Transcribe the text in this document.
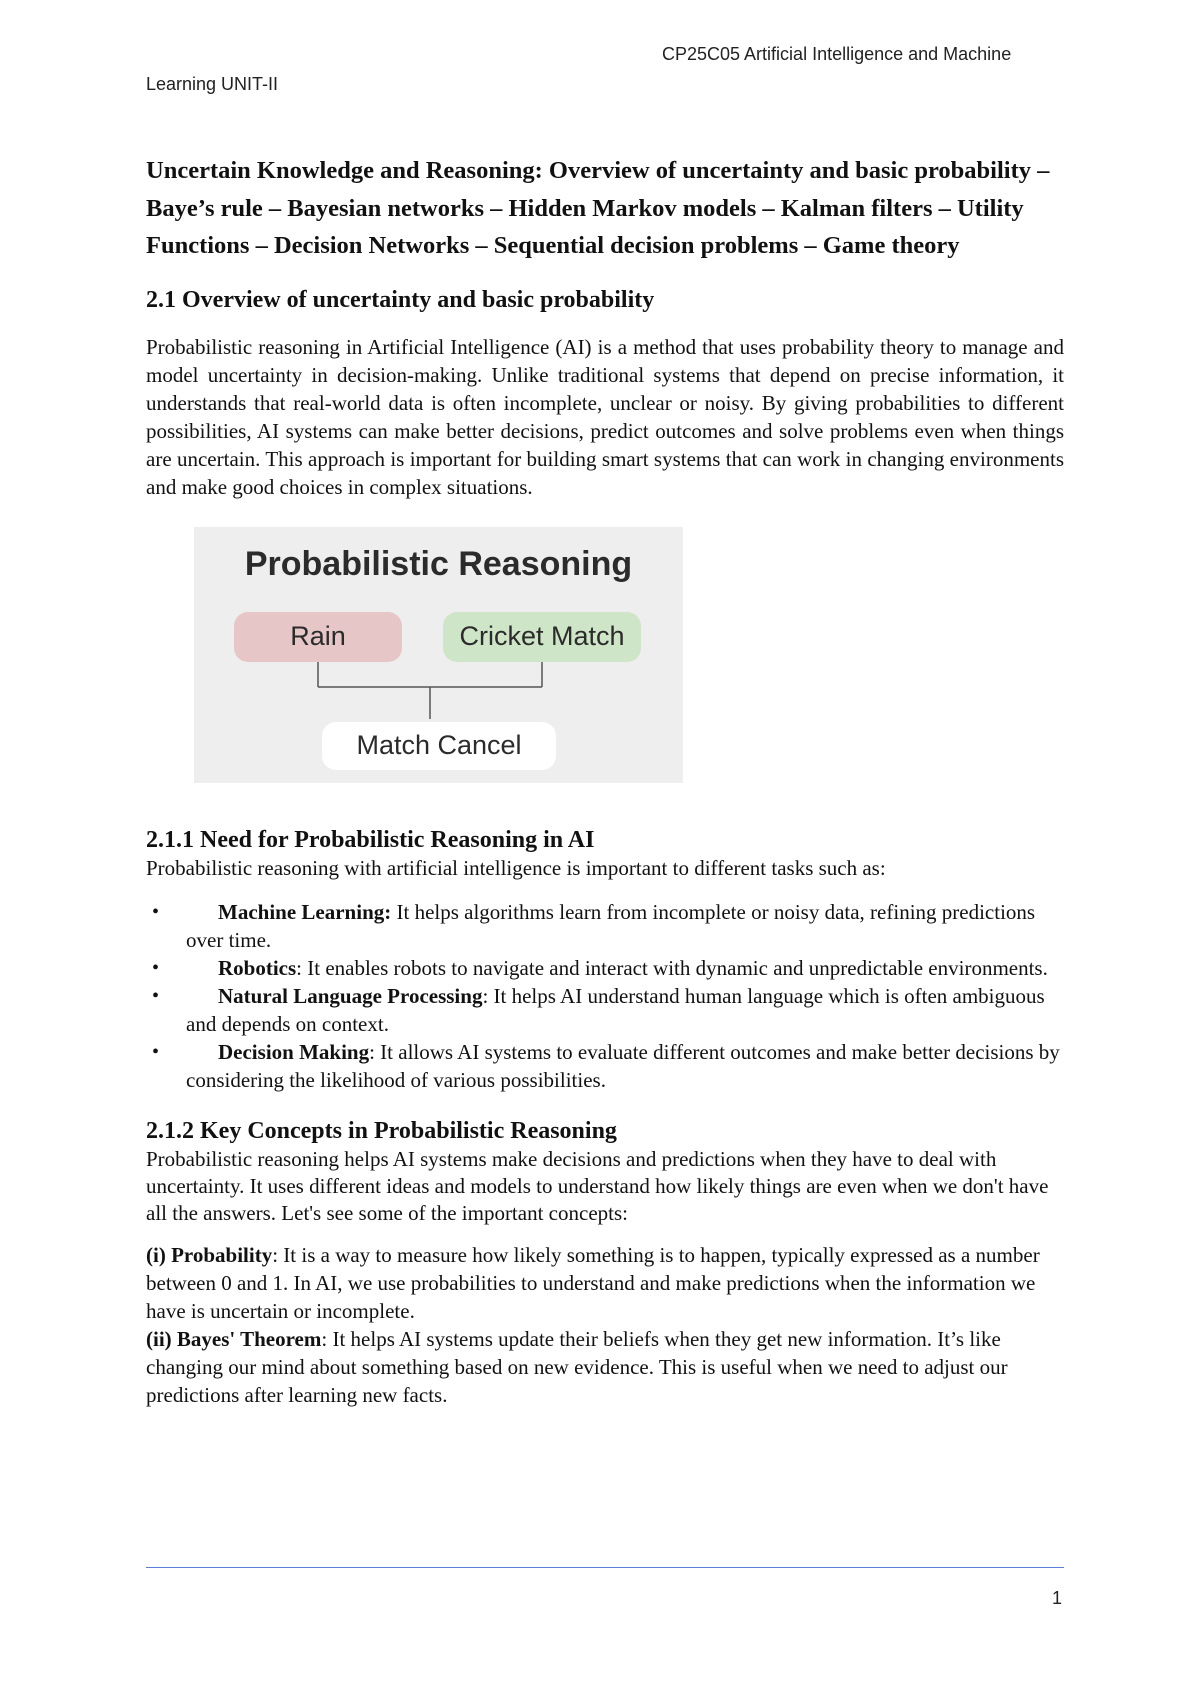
CP25C05 Artificial Intelligence and Machine
Learning UNIT-II

Uncertain Knowledge and Reasoning: Overview of uncertainty and basic probability – Baye’s rule – Bayesian networks – Hidden Markov models – Kalman filters – Utility Functions – Decision Networks – Sequential decision problems – Game theory

2.1 Overview of uncertainty and basic probability

Probabilistic reasoning in Artificial Intelligence (AI) is a method that uses probability theory to manage and model uncertainty in decision-making. Unlike traditional systems that depend on precise information, it understands that real-world data is often incomplete, unclear or noisy. By giving probabilities to different possibilities, AI systems can make better decisions, predict outcomes and solve problems even when things are uncertain. This approach is important for building smart systems that can work in changing environments and make good choices in complex situations.

Probabilistic Reasoning
Rain	Cricket Match
Match Cancel
2.1.1 Need for Probabilistic Reasoning in AI

Probabilistic reasoning with artificial intelligence is important to different tasks such as:

•	Machine Learning: It helps algorithms learn from incomplete or noisy data, refining predictions over time.
•	Robotics: It enables robots to navigate and interact with dynamic and unpredictable environments.
•	Natural Language Processing: It helps AI understand human language which is often ambiguous and depends on context.
•	Decision Making: It allows AI systems to evaluate different outcomes and make better decisions by considering the likelihood of various possibilities.
2.1.2 Key Concepts in Probabilistic Reasoning

Probabilistic reasoning helps AI systems make decisions and predictions when they have to deal with uncertainty. It uses different ideas and models to understand how likely things are even when we don't have all the answers. Let's see some of the important concepts:

(i) Probability: It is a way to measure how likely something is to happen, typically expressed as a number between 0 and 1. In AI, we use probabilities to understand and make predictions when the information we have is uncertain or incomplete.

(ii) Bayes' Theorem: It helps AI systems update their beliefs when they get new information. It’s like changing our mind about something based on new evidence. This is useful when we need to adjust our predictions after learning new facts.

1
